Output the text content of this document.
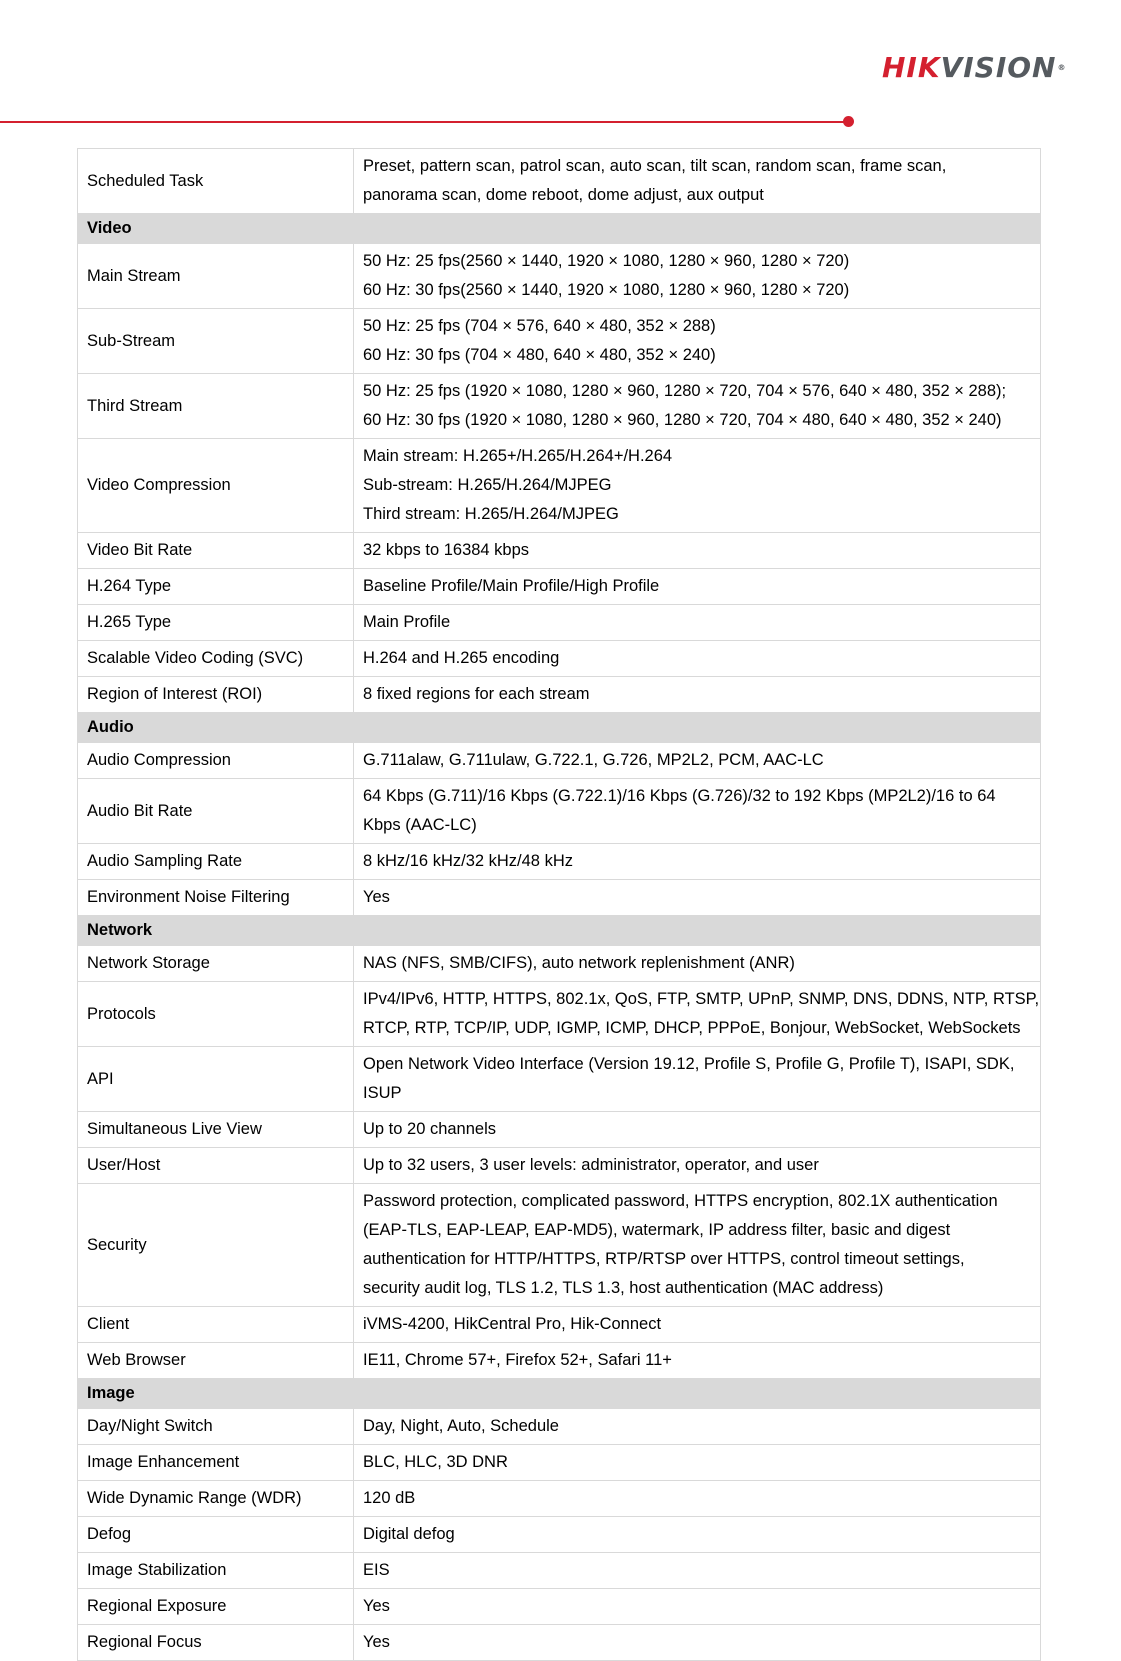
HIKVISION®
Scheduled Task	Preset, pattern scan, patrol scan, auto scan, tilt scan, random scan, frame scan,
panorama scan, dome reboot, dome adjust, aux output

Video	
Main Stream	50 Hz: 25 fps(2560 × 1440, 1920 × 1080, 1280 × 960, 1280 × 720)
60 Hz: 30 fps(2560 × 1440, 1920 × 1080, 1280 × 960, 1280 × 720)

Sub-Stream	50 Hz: 25 fps (704 × 576, 640 × 480, 352 × 288)
60 Hz: 30 fps (704 × 480, 640 × 480, 352 × 240)

Third Stream	50 Hz: 25 fps (1920 × 1080, 1280 × 960, 1280 × 720, 704 × 576, 640 × 480, 352 × 288);
60 Hz: 30 fps (1920 × 1080, 1280 × 960, 1280 × 720, 704 × 480, 640 × 480, 352 × 240)

Video Compression	Main stream: H.265+/H.265/H.264+/H.264
Sub-stream: H.265/H.264/MJPEG
Third stream: H.265/H.264/MJPEG

Video Bit Rate	32 kbps to 16384 kbps

H.264 Type	Baseline Profile/Main Profile/High Profile

H.265 Type	Main Profile

Scalable Video Coding (SVC)	H.264 and H.265 encoding

Region of Interest (ROI)	8 fixed regions for each stream

Audio	
Audio Compression	G.711alaw, G.711ulaw, G.722.1, G.726, MP2L2, PCM, AAC-LC

Audio Bit Rate	64 Kbps (G.711)/16 Kbps (G.722.1)/16 Kbps (G.726)/32 to 192 Kbps (MP2L2)/16 to 64
Kbps (AAC-LC)

Audio Sampling Rate	8 kHz/16 kHz/32 kHz/48 kHz

Environment Noise Filtering	Yes

Network	
Network Storage	NAS (NFS, SMB/CIFS), auto network replenishment (ANR)

Protocols	IPv4/IPv6, HTTP, HTTPS, 802.1x, QoS, FTP, SMTP, UPnP, SNMP, DNS, DDNS, NTP, RTSP,
RTCP, RTP, TCP/IP, UDP, IGMP, ICMP, DHCP, PPPoE, Bonjour, WebSocket, WebSockets

API	Open Network Video Interface (Version 19.12, Profile S, Profile G, Profile T), ISAPI, SDK,
ISUP

Simultaneous Live View	Up to 20 channels

User/Host	Up to 32 users, 3 user levels: administrator, operator, and user

Security	Password protection, complicated password, HTTPS encryption, 802.1X authentication
(EAP-TLS, EAP-LEAP, EAP-MD5), watermark, IP address filter, basic and digest
authentication for HTTP/HTTPS, RTP/RTSP over HTTPS, control timeout settings,
security audit log, TLS 1.2, TLS 1.3, host authentication (MAC address)

Client	iVMS-4200, HikCentral Pro, Hik-Connect

Web Browser	IE11, Chrome 57+, Firefox 52+, Safari 11+

Image	
Day/Night Switch	Day, Night, Auto, Schedule

Image Enhancement	BLC, HLC, 3D DNR

Wide Dynamic Range (WDR)	120 dB

Defog	Digital defog

Image Stabilization	EIS

Regional Exposure	Yes

Regional Focus	Yes
